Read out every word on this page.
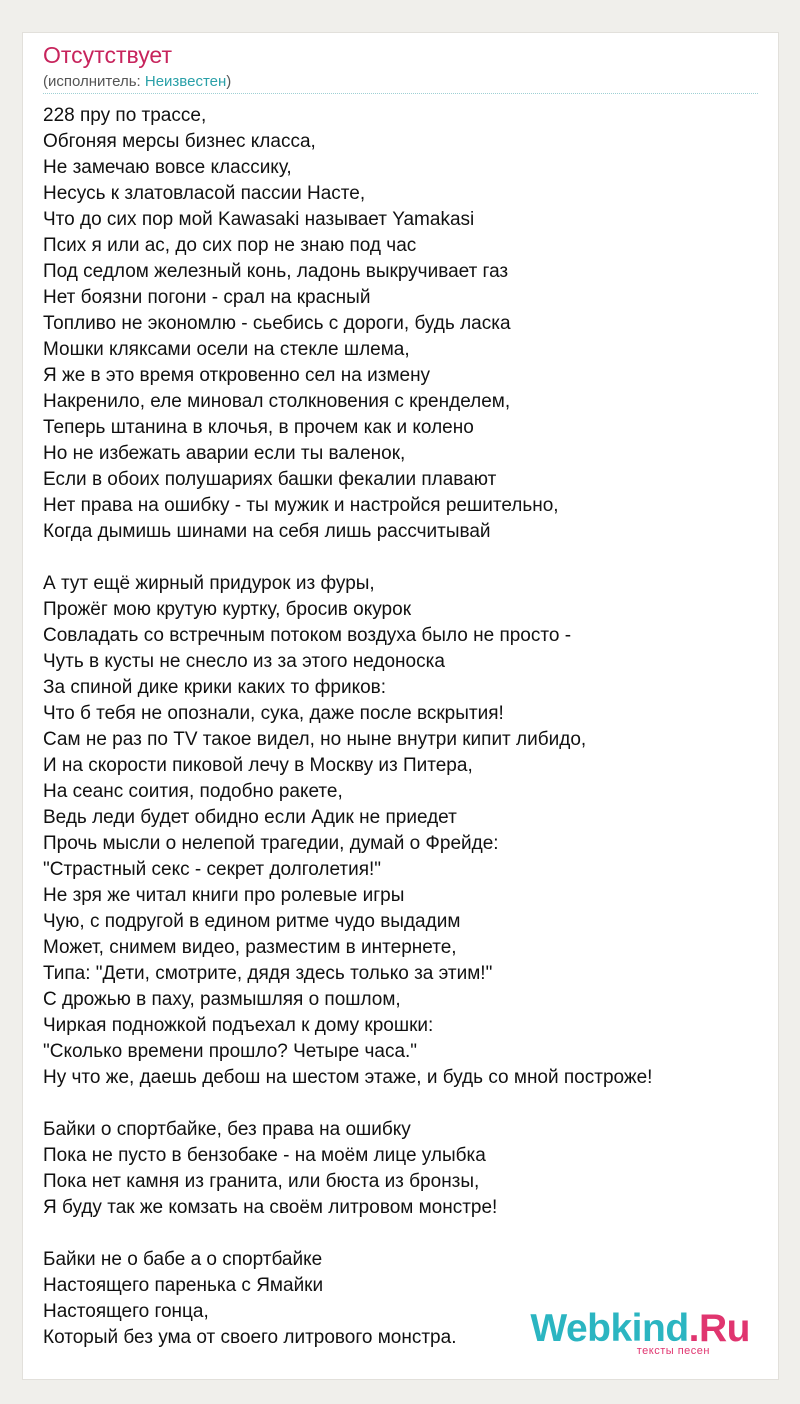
Отсутствует
(исполнитель: Неизвестен)
228 пру по трассе,
Обгоняя мерсы бизнес класса,
Не замечаю вовсе классику,
Несусь к златовласой пассии Насте,
Что до сих пор мой Kawasaki называет Yamakasi
Псих я или ас, до сих пор не знаю под час
Под седлом железный конь, ладонь выкручивает газ
Нет боязни погони - срал на красный
Топливо не экономлю - сьебись с дороги, будь ласка
Мошки кляксами осели на стекле шлема,
Я же в это время откровенно сел на измену
Накренило, еле миновал столкновения с кренделем,
Теперь штанина в клочья, в прочем как и колено
Но не избежать аварии если ты валенок,
Если в обоих полушариях башки фекалии плавают
Нет права на ошибку - ты мужик и настройся решительно,
Когда дымишь шинами на себя лишь рассчитывай
А тут ещё жирный придурок из фуры,
Прожёг мою крутую куртку, бросив окурок
Совладать со встречным потоком воздуха было не просто -
Чуть в кусты не снесло из за этого недоноска
За спиной дике крики каких то фриков:
Что б тебя не опознали, сука, даже после вскрытия!
Сам не раз по TV такое видел, но ныне внутри кипит либидо,
И на скорости пиковой лечу в Москву из Питера,
На сеанс соития, подобно ракете,
Ведь леди будет обидно если Адик не приедет
Прочь мысли о нелепой трагедии, думай о Фрейде:
"Страстный секс - секрет долголетия!"
Не зря же читал книги про ролевые игры
Чую, с подругой в едином ритме чудо выдадим
Может, снимем видео, разместим в интернете,
Типа: "Дети, смотрите, дядя здесь только за этим!"
С дрожью в паху, размышляя о пошлом,
Чиркая подножкой подъехал к дому крошки:
"Сколько времени прошло? Четыре часа."
Ну что же, даешь дебош на шестом этаже, и будь со мной построже!
Байки о спортбайке, без права на ошибку
Пока не пусто в бензобаке - на моём лице улыбка
Пока нет камня из гранита, или бюста из бронзы,
Я буду так же комзать на своём литровом монстре!
Байки не о бабе а о спортбайке
Настоящего паренька с Ямайки
Настоящего гонца,
Который без ума от своего литрового монстра.	Webkind.Ru
тексты песен
